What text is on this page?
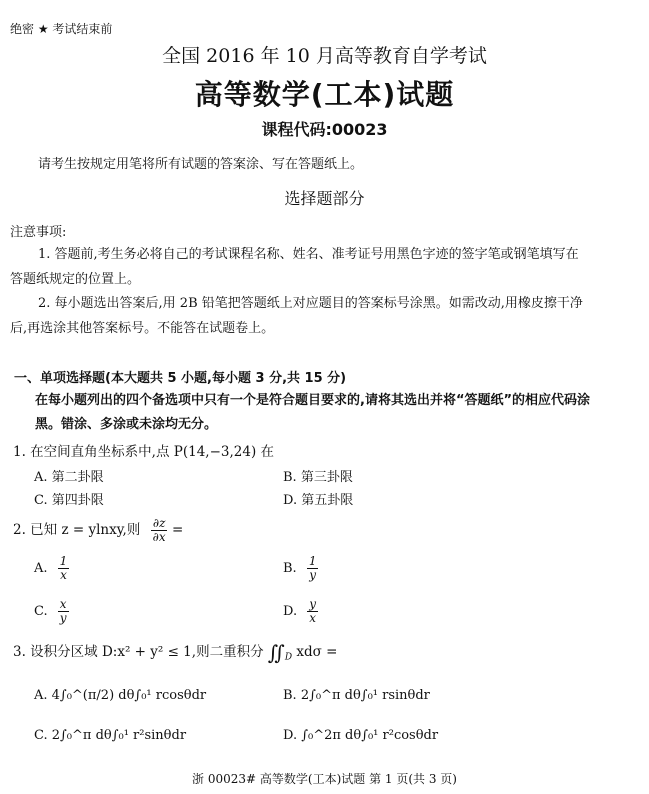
绝密 ★ 考试结束前
全国 2016 年 10 月高等教育自学考试
高等数学(工本)试题
课程代码:00023
请考生按规定用笔将所有试题的答案涂、写在答题纸上。
选择题部分
注意事项:
1. 答题前,考生务必将自己的考试课程名称、姓名、准考证号用黑色字迹的签字笔或钢笔填写在答题纸规定的位置上。
2. 每小题选出答案后,用 2B 铅笔把答题纸上对应题目的答案标号涂黑。如需改动,用橡皮擦干净后,再选涂其他答案标号。不能答在试题卷上。
一、单项选择题(本大题共 5 小题,每小题 3 分,共 15 分)
在每小题列出的四个备选项中只有一个是符合题目要求的,请将其选出并将“答题纸”的相应代码涂黑。错涂、多涂或未涂均无分。
1. 在空间直角坐标系中,点 P(14,−3,24) 在
A. 第二卦限	B. 第三卦限
C. 第四卦限	D. 第五卦限
2. 已知 z = ylnxy,则 $\frac{\partial z}{\partial x}$ =
A. $\frac{1}{x}$	B. $\frac{1}{y}$
C. $\frac{x}{y}$	D. $\frac{y}{x}$
3. 设积分区域 D:x² + y² ≤ 1,则二重积分 $∬_D$ xdσ =
A. 4∫₀^(π/2) dθ∫₀¹ rcosθdr	B. 2∫₀^π dθ∫₀¹ rsinθdr
C. 2∫₀^π dθ∫₀¹ r²sinθdr	D. ∫₀^2π dθ∫₀¹ r²cosθdr
浙 00023# 高等数学(工本)试题 第 1 页(共 3 页)
